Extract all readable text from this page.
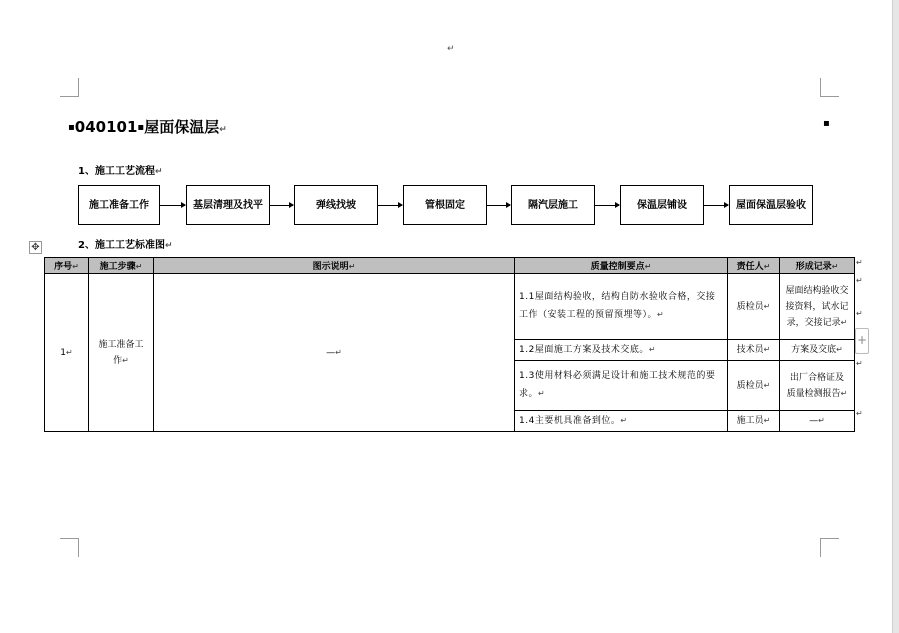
↵
▪040101▪屋面保温层↵
▪
1、施工工艺流程↵
施工准备工作	基层清理及找平	弹线找坡	管根固定	隔汽层施工	保温层铺设	屋面保温层验收
✥	2、施工工艺标准图↵
序号↵	施工步骤↵	图示说明↵	质量控制要点↵	责任人↵	形成记录↵
1↵	施工准备工作↵	—↵	1.1屋面结构验收，结构自防水验收合格，交接工作（安装工程的预留预埋等）。↵	质检员↵	屋面结构验收交接资料，试水记录，交接记录↵
			1.2屋面施工方案及技术交底。↵	技术员↵	方案及交底↵
			1.3使用材料必须满足设计和施工技术规范的要求。↵	质检员↵	出厂合格证及质量检测报告↵
			1.4主要机具准备到位。↵	施工员↵	—↵
↵
↵
↵
↵
↵
+
